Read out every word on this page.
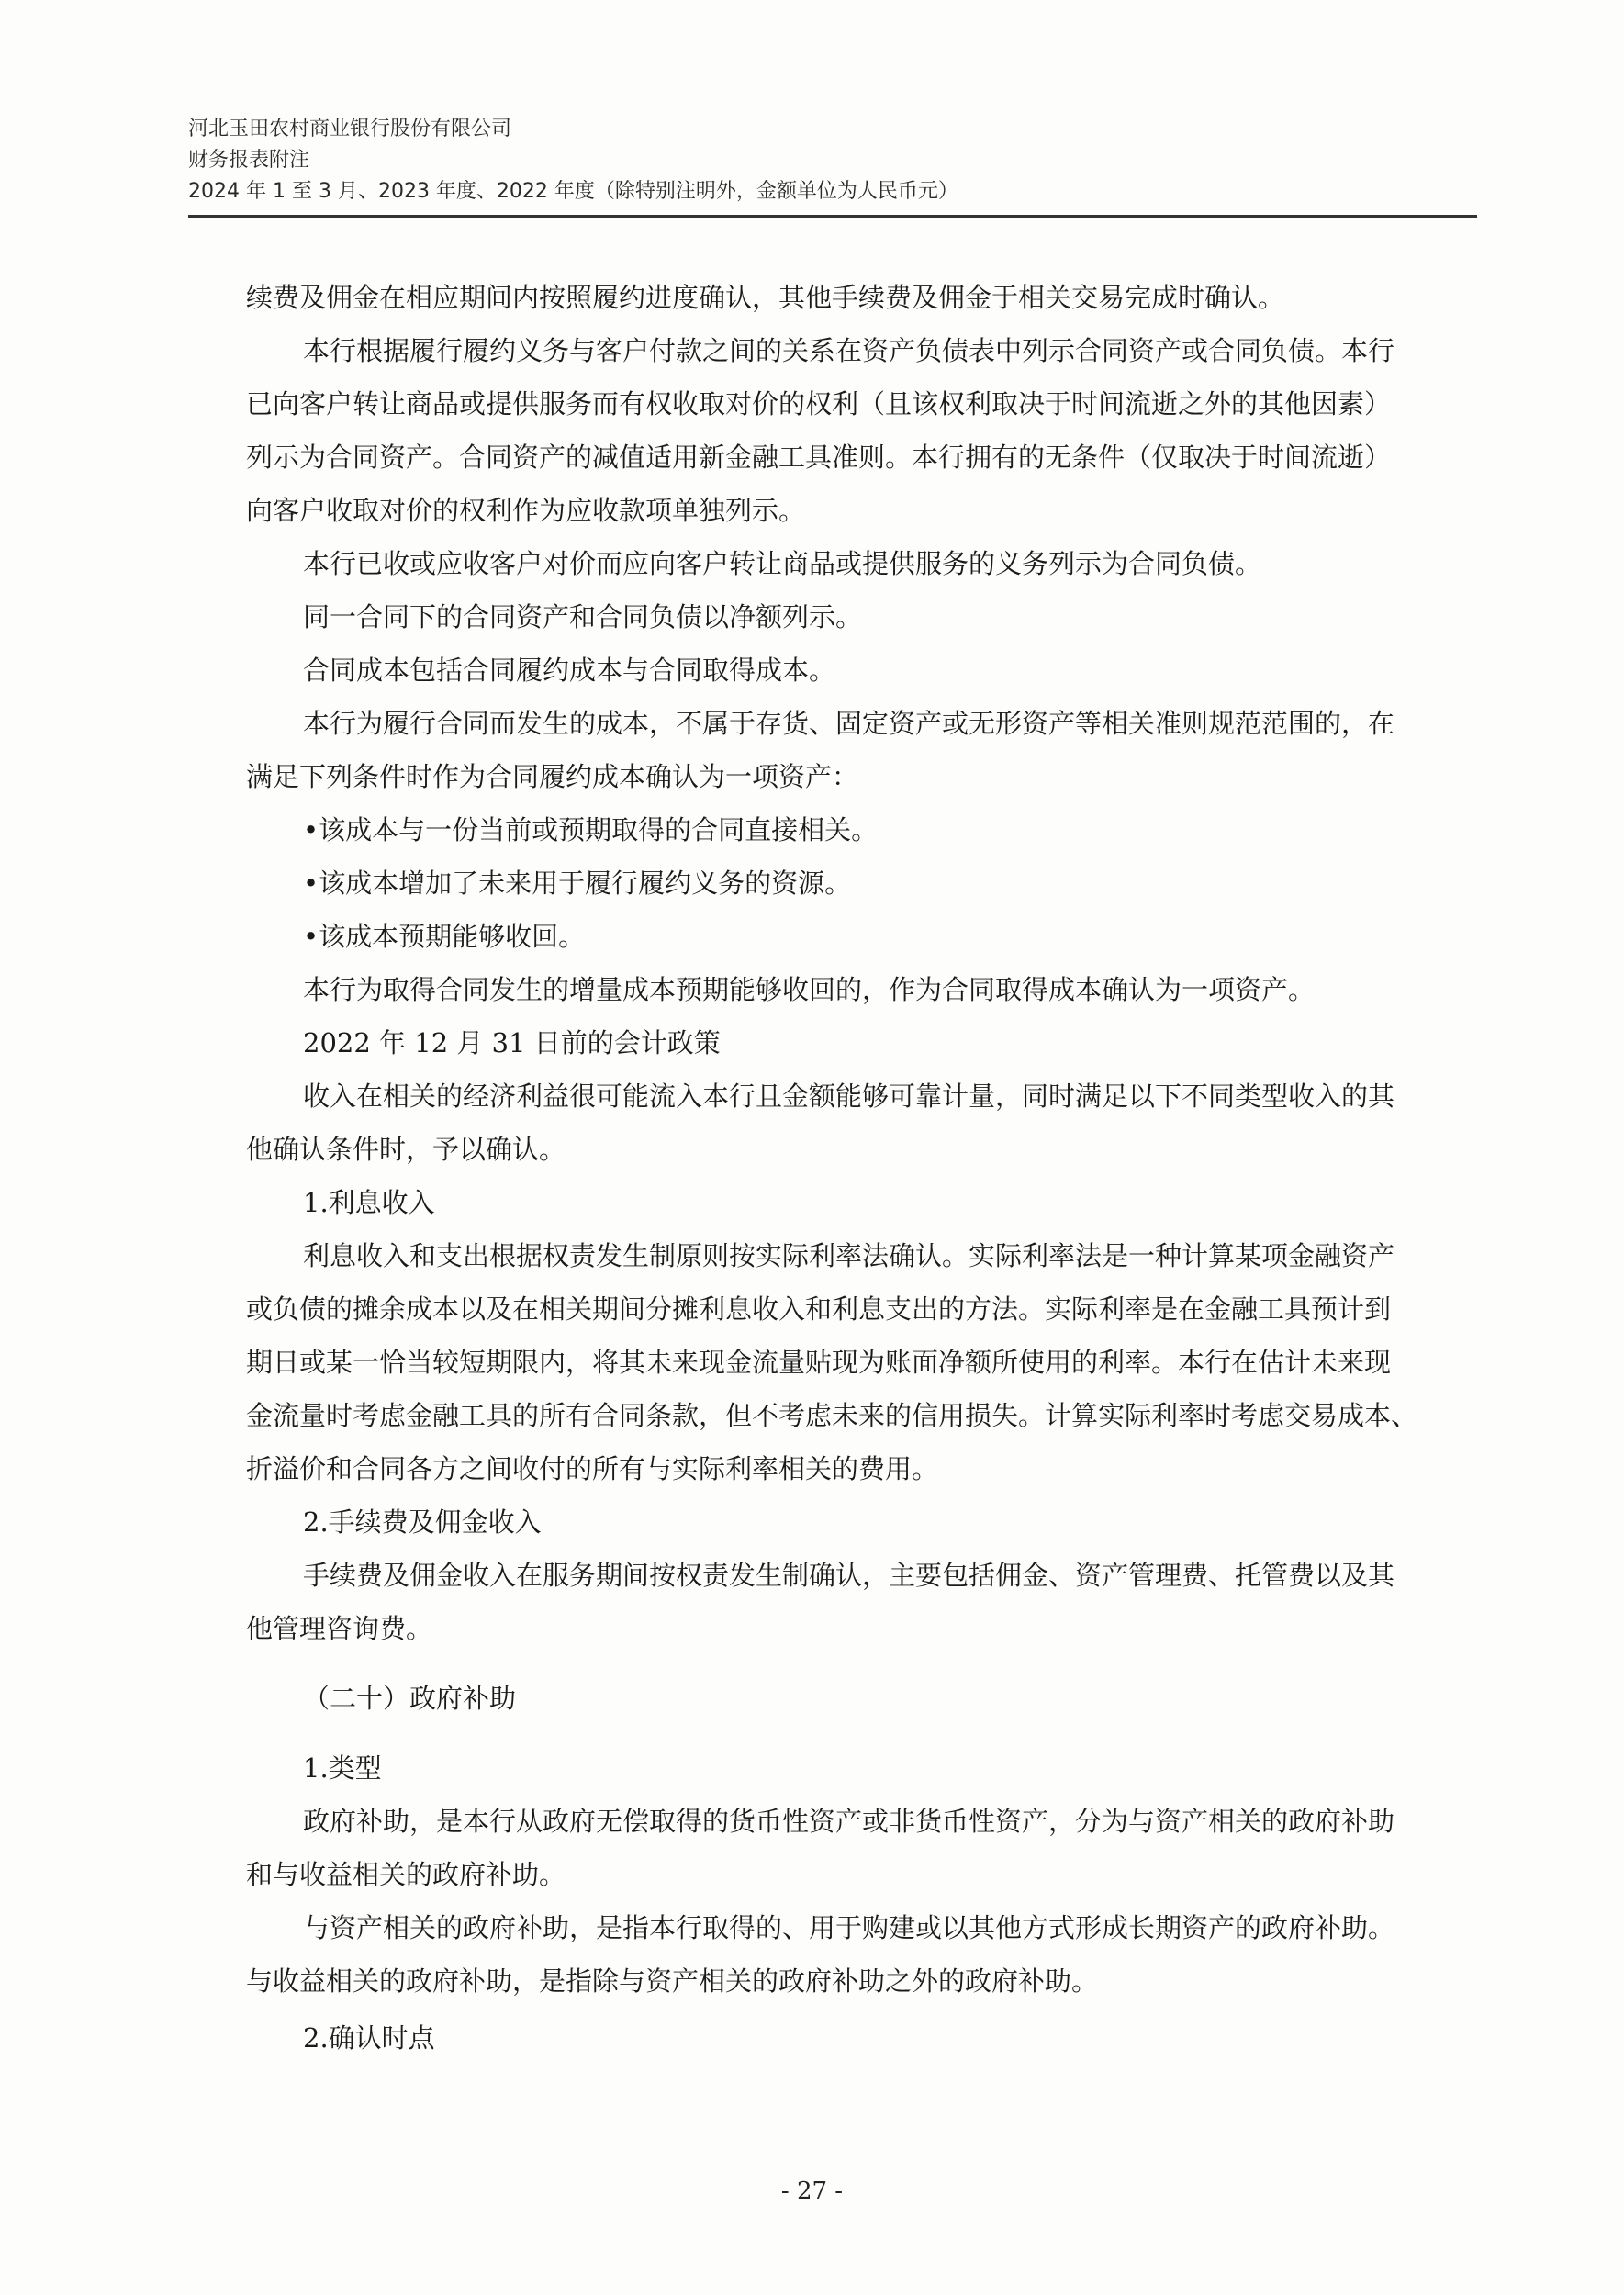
河北玉田农村商业银行股份有限公司
财务报表附注
2024 年 1 至 3 月、2023 年度、2022 年度（除特别注明外，金额单位为人民币元）

续费及佣金在相应期间内按照履约进度确认，其他手续费及佣金于相关交易完成时确认。

本行根据履行履约义务与客户付款之间的关系在资产负债表中列示合同资产或合同负债。本行

已向客户转让商品或提供服务而有权收取对价的权利（且该权利取决于时间流逝之外的其他因素）

列示为合同资产。合同资产的减值适用新金融工具准则。本行拥有的无条件（仅取决于时间流逝）

向客户收取对价的权利作为应收款项单独列示。

本行已收或应收客户对价而应向客户转让商品或提供服务的义务列示为合同负债。

同一合同下的合同资产和合同负债以净额列示。

合同成本包括合同履约成本与合同取得成本。

本行为履行合同而发生的成本，不属于存货、固定资产或无形资产等相关准则规范范围的，在

满足下列条件时作为合同履约成本确认为一项资产：

•该成本与一份当前或预期取得的合同直接相关。

•该成本增加了未来用于履行履约义务的资源。

•该成本预期能够收回。

本行为取得合同发生的增量成本预期能够收回的，作为合同取得成本确认为一项资产。

2022 年 12 月 31 日前的会计政策

收入在相关的经济利益很可能流入本行且金额能够可靠计量，同时满足以下不同类型收入的其

他确认条件时，予以确认。

1.利息收入

利息收入和支出根据权责发生制原则按实际利率法确认。实际利率法是一种计算某项金融资产

或负债的摊余成本以及在相关期间分摊利息收入和利息支出的方法。实际利率是在金融工具预计到

期日或某一恰当较短期限内，将其未来现金流量贴现为账面净额所使用的利率。本行在估计未来现

金流量时考虑金融工具的所有合同条款，但不考虑未来的信用损失。计算实际利率时考虑交易成本、

折溢价和合同各方之间收付的所有与实际利率相关的费用。

2.手续费及佣金收入

手续费及佣金收入在服务期间按权责发生制确认，主要包括佣金、资产管理费、托管费以及其

他管理咨询费。

（二十）政府补助

1.类型

政府补助，是本行从政府无偿取得的货币性资产或非货币性资产，分为与资产相关的政府补助

和与收益相关的政府补助。

与资产相关的政府补助，是指本行取得的、用于购建或以其他方式形成长期资产的政府补助。

与收益相关的政府补助，是指除与资产相关的政府补助之外的政府补助。

2.确认时点

- 27 -
